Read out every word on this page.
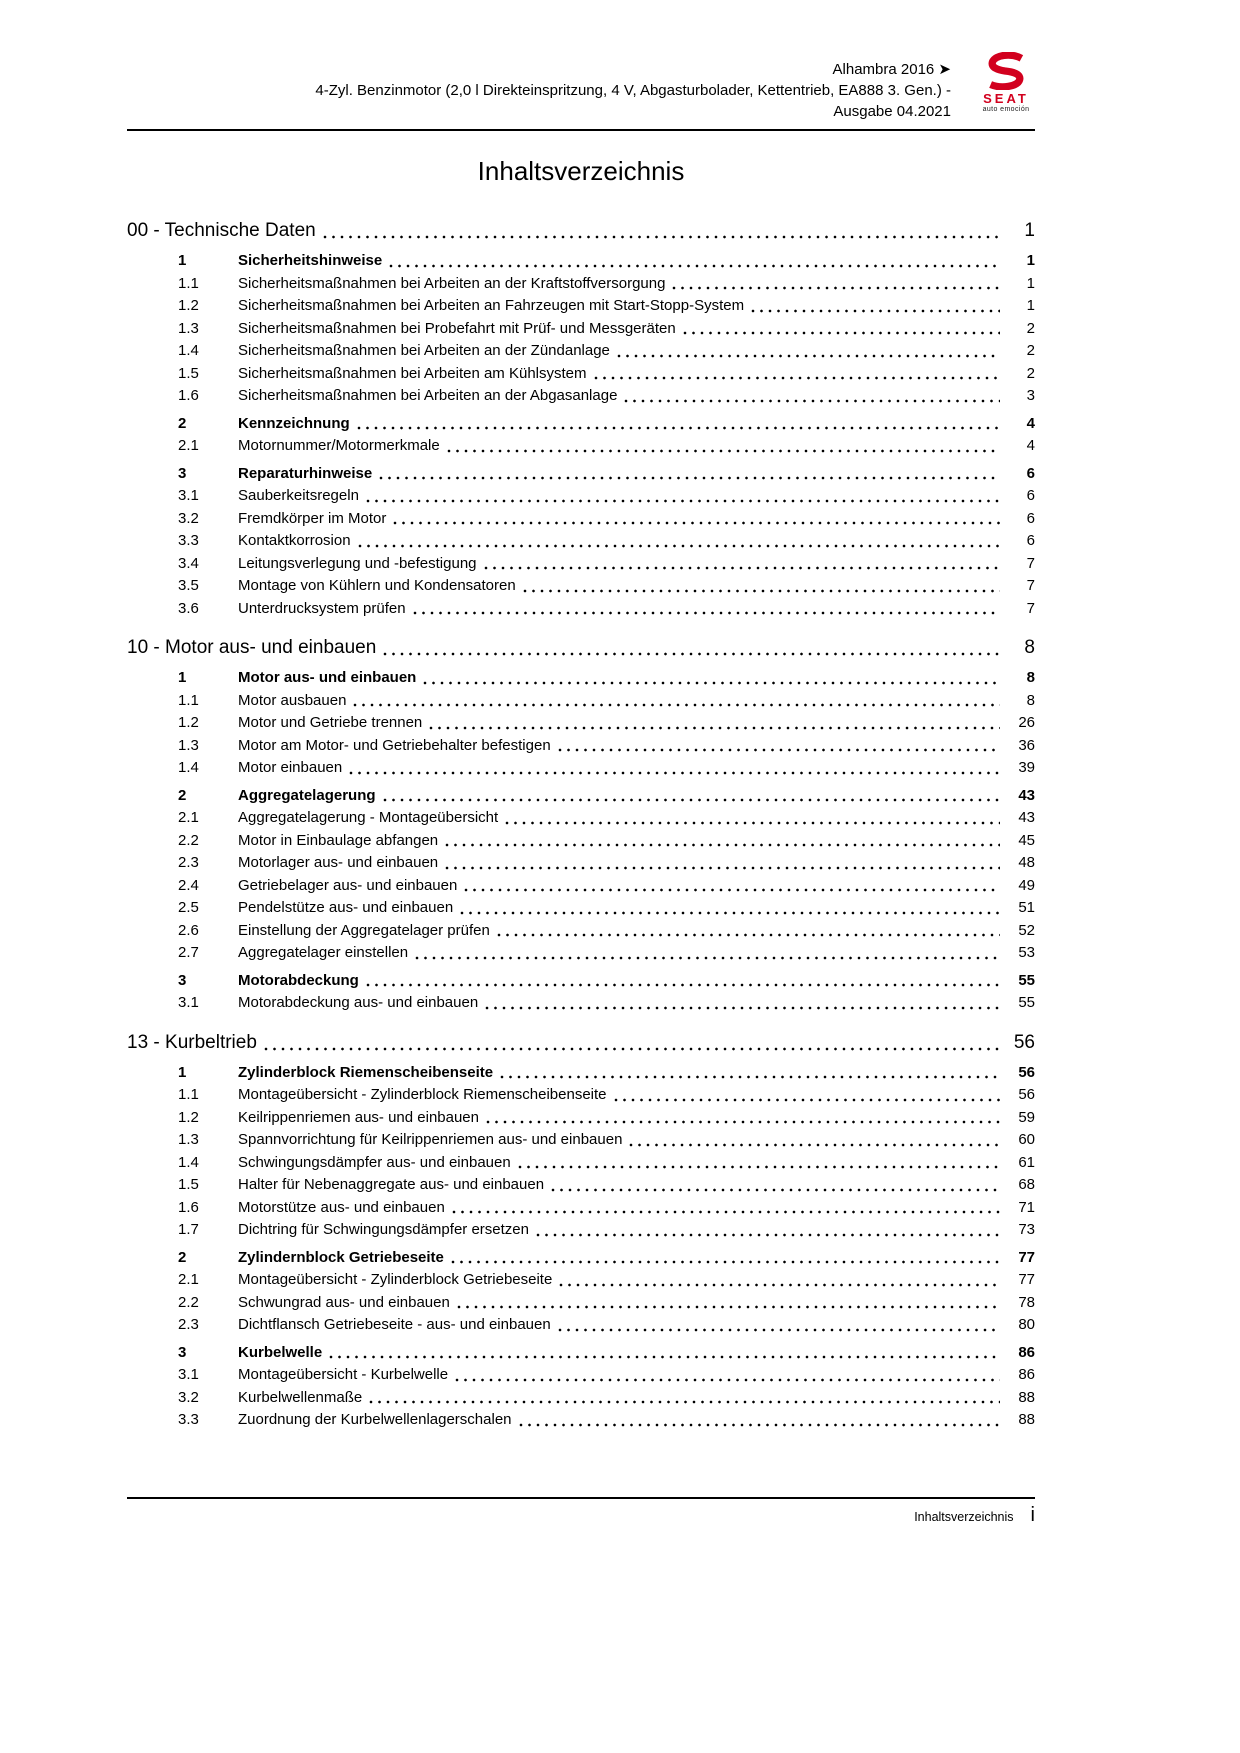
Alhambra 2016 ➤
4-Zyl. Benzinmotor (2,0 l Direkteinspritzung, 4 V, Abgasturbolader, Kettentrieb, EA888 3. Gen.) -
Ausgabe 04.2021
SEAT
auto emoción
Inhaltsverzeichnis
00 - Technische Daten	1
1	Sicherheitshinweise	1
1.1	Sicherheitsmaßnahmen bei Arbeiten an der Kraftstoffversorgung	1
1.2	Sicherheitsmaßnahmen bei Arbeiten an Fahrzeugen mit Start-Stopp-System	1
1.3	Sicherheitsmaßnahmen bei Probefahrt mit Prüf- und Messgeräten	2
1.4	Sicherheitsmaßnahmen bei Arbeiten an der Zündanlage	2
1.5	Sicherheitsmaßnahmen bei Arbeiten am Kühlsystem	2
1.6	Sicherheitsmaßnahmen bei Arbeiten an der Abgasanlage	3
2	Kennzeichnung	4
2.1	Motornummer/Motormerkmale	4
3	Reparaturhinweise	6
3.1	Sauberkeitsregeln	6
3.2	Fremdkörper im Motor	6
3.3	Kontaktkorrosion	6
3.4	Leitungsverlegung und -befestigung	7
3.5	Montage von Kühlern und Kondensatoren	7
3.6	Unterdrucksystem prüfen	7
10 - Motor aus- und einbauen	8
1	Motor aus- und einbauen	8
1.1	Motor ausbauen	8
1.2	Motor und Getriebe trennen	26
1.3	Motor am Motor- und Getriebehalter befestigen	36
1.4	Motor einbauen	39
2	Aggregatelagerung	43
2.1	Aggregatelagerung - Montageübersicht	43
2.2	Motor in Einbaulage abfangen	45
2.3	Motorlager aus- und einbauen	48
2.4	Getriebelager aus- und einbauen	49
2.5	Pendelstütze aus- und einbauen	51
2.6	Einstellung der Aggregatelager prüfen	52
2.7	Aggregatelager einstellen	53
3	Motorabdeckung	55
3.1	Motorabdeckung aus- und einbauen	55
13 - Kurbeltrieb	56
1	Zylinderblock Riemenscheibenseite	56
1.1	Montageübersicht - Zylinderblock Riemenscheibenseite	56
1.2	Keilrippenriemen aus- und einbauen	59
1.3	Spannvorrichtung für Keilrippenriemen aus- und einbauen	60
1.4	Schwingungsdämpfer aus- und einbauen	61
1.5	Halter für Nebenaggregate aus- und einbauen	68
1.6	Motorstütze aus- und einbauen	71
1.7	Dichtring für Schwingungsdämpfer ersetzen	73
2	Zylindernblock Getriebeseite	77
2.1	Montageübersicht - Zylinderblock Getriebeseite	77
2.2	Schwungrad aus- und einbauen	78
2.3	Dichtflansch Getriebeseite - aus- und einbauen	80
3	Kurbelwelle	86
3.1	Montageübersicht - Kurbelwelle	86
3.2	Kurbelwellenmaße	88
3.3	Zuordnung der Kurbelwellenlagerschalen	88
Inhaltsverzeichnis i
